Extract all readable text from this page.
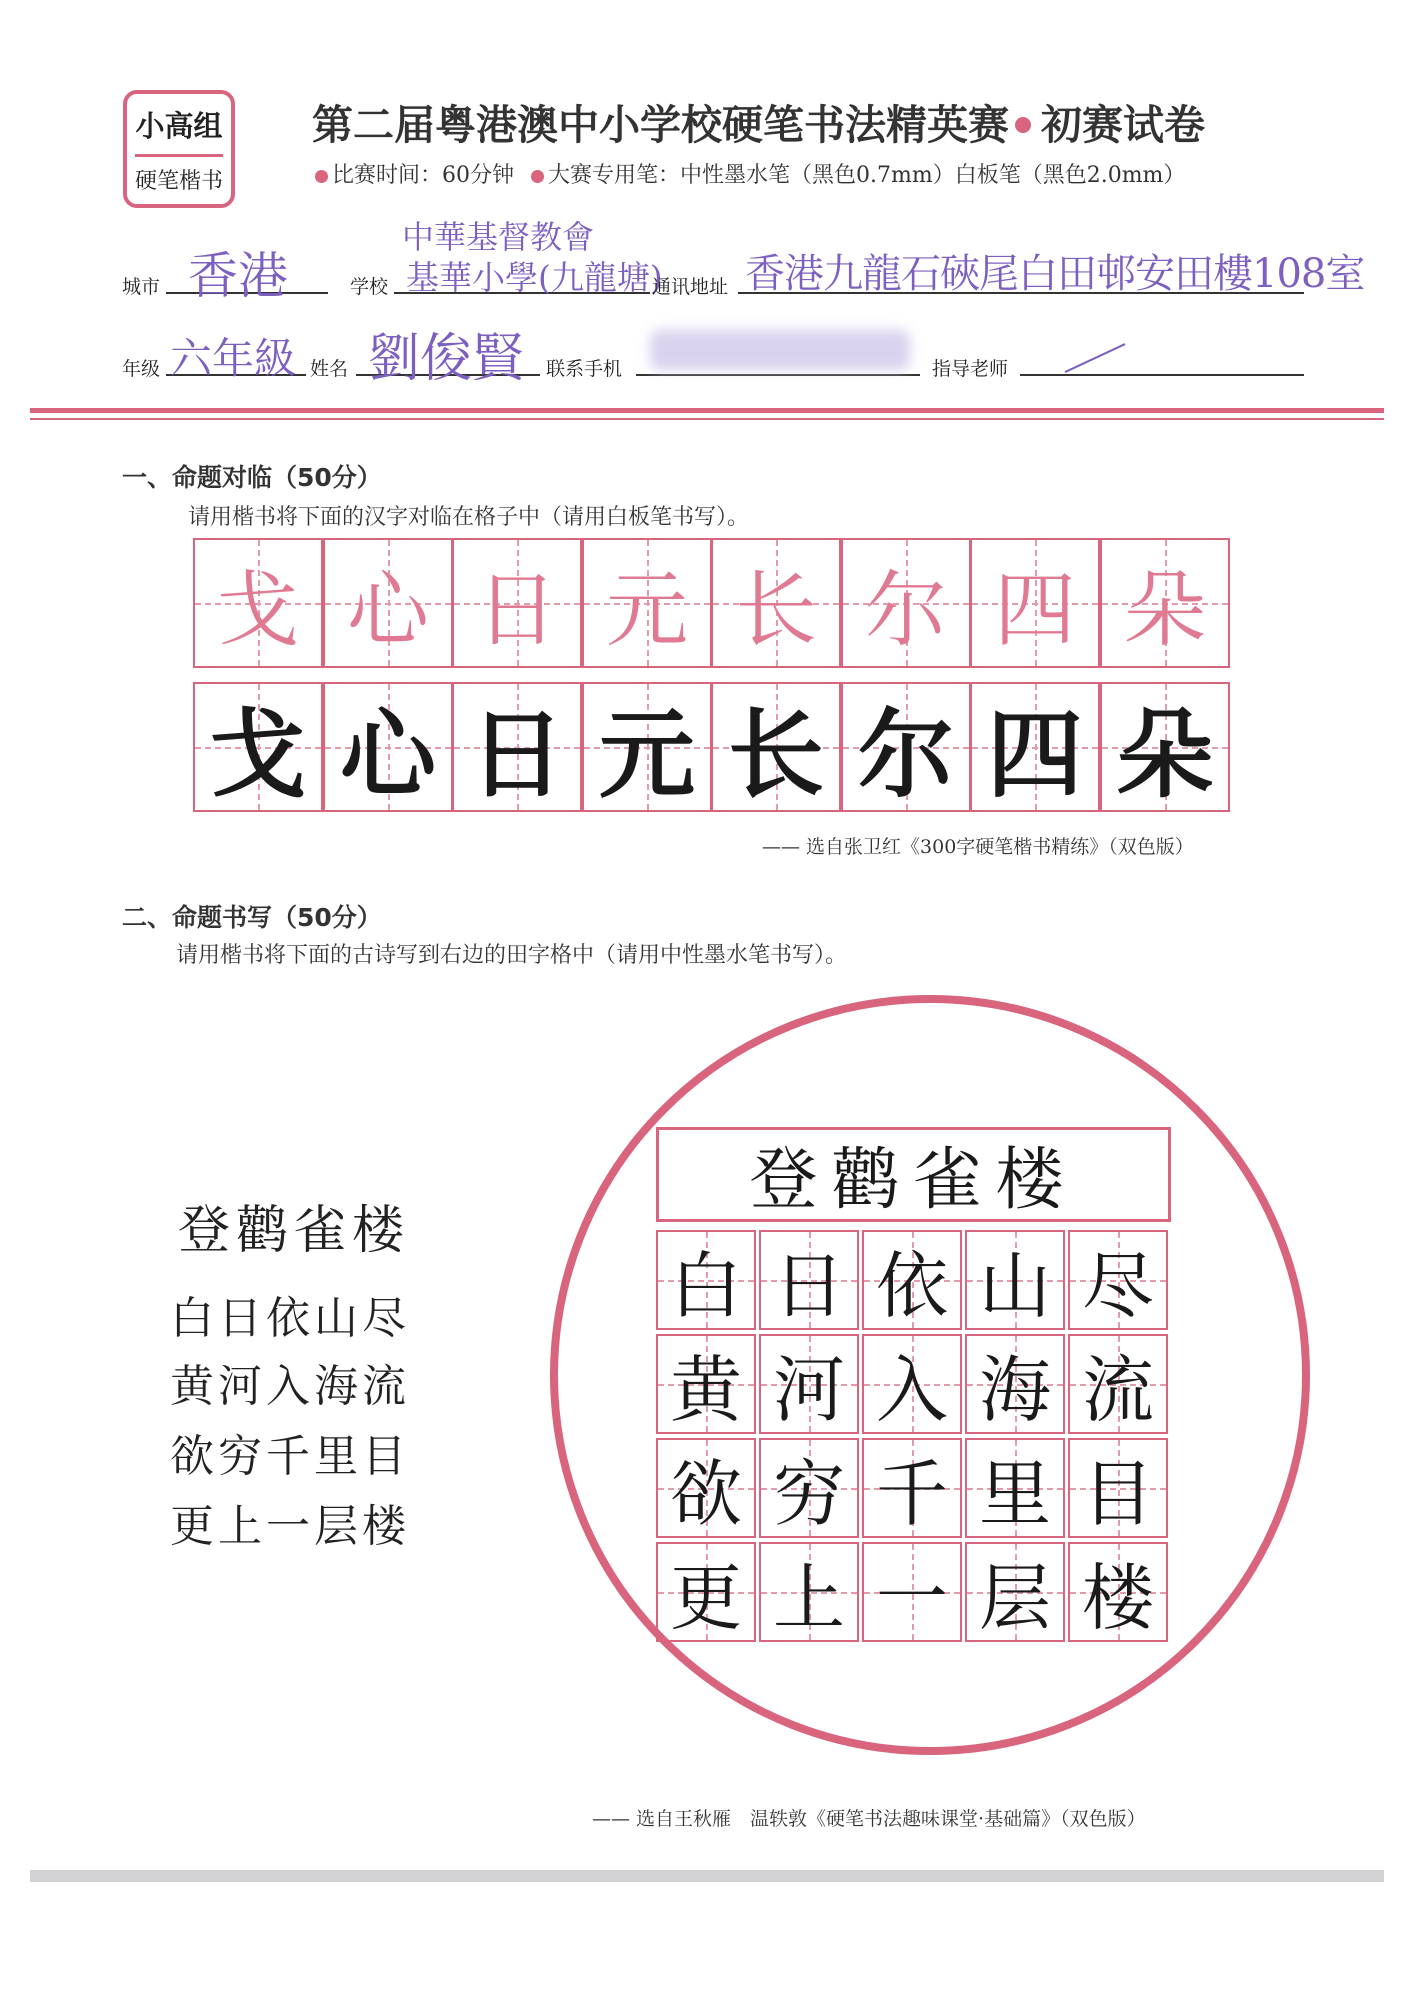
小高组
硬笔楷书
第二届粤港澳中小学校硬笔书法精英赛 初赛试卷
比赛时间：60分钟 大赛专用笔：中性墨水笔（黑色0.7mm）白板笔（黑色2.0mm）
城市 香港	学校
中華基督教會
基華小學(九龍塘)
通讯地址 香港九龍石硤尾白田邨安田樓108室
年级 六年級 姓名 劉俊賢 联系手机	指导老师 ／
一、命题对临（50分）
请用楷书将下面的汉字对临在格子中（请用白板笔书写）。
戈 心 日 元 长 尔 四 朵
戈 心 日 元 长 尔 四 朵
—— 选自张卫红《300字硬笔楷书精练》（双色版）
二、命题书写（50分）
请用楷书将下面的古诗写到右边的田字格中（请用中性墨水笔书写）。
登鹳雀楼
白日依山尽
黄河入海流
欲穷千里目
更上一层楼
登鹳雀楼
白 日 依 山 尽
黄 河 入 海 流
欲 穷 千 里 目
更 上 一 层 楼
—— 选自王秋雁　温轶敦《硬笔书法趣味课堂·基础篇》（双色版）
